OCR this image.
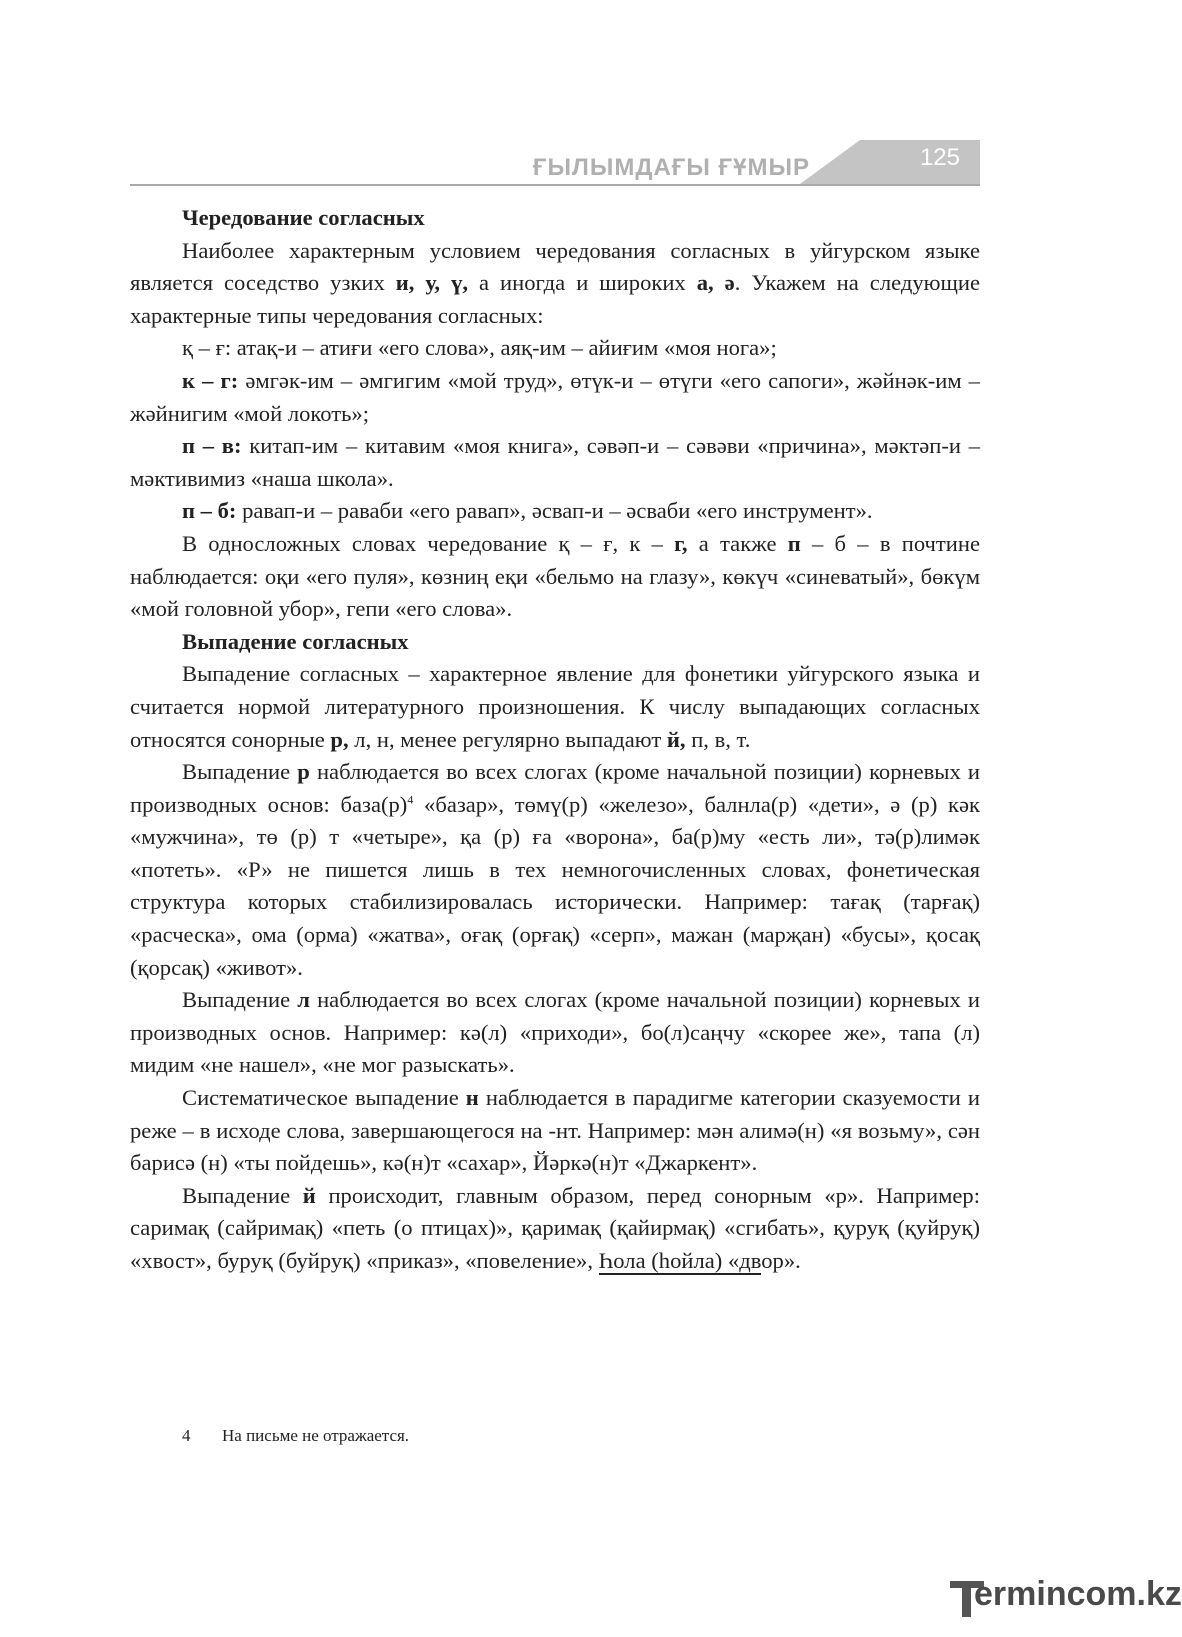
ҒЫЛЫМДАҒЫ ҒҰМЫР	125
Чередование согласных

Наиболее характерным условием чередования согласных в уйгурском языке является соседство узких и, у, ү, а иногда и широких а, ә. Укажем на следующие характерные типы чередования согласных:

қ – ғ: атақ-и – атиғи «его слова», аяқ-им – айиғим «моя нога»;

к – г: әмгәк-им – әмгигим «мой труд», өтүк-и – өтүги «его сапоги», жәйнәк-им – жәйнигим «мой локоть»;

п – в: китап-им – китавим «моя книга», сәвәп-и – сәвәви «причина», мәктәп-и – мәктивимиз «наша школа».

п – б: равап-и – раваби «его равап», әсвап-и – әсваби «его инструмент».

В односложных словах чередование қ – ғ, к – г, а также п – б – в почтине наблюдается: оқи «его пуля», көзниң еқи «бельмо на глазу», көкүч «синеватый», бөкүм «мой головной убор», гепи «его слова».

Выпадение согласных

Выпадение согласных – характерное явление для фонетики уйгурского языка и считается нормой литературного произношения. К числу выпадающих согласных относятся сонорные р, л, н, менее регулярно выпадают й, п, в, т.

Выпадение р наблюдается во всех слогах (кроме начальной позиции) корневых и производных основ: $база(р)^4$ «базар», төмү(р) «железо», балнла(р) «дети», ә (р) кәк «мужчина», тө (р) т «четыре», қа (р) ға «ворона», ба(р)му «есть ли», тә(р)лимәк «потеть». «Р» не пишется лишь в тех немногочисленных словах, фонетическая структура которых стабилизировалась исторически. Например: тағақ (тарғақ) «расческа», ома (орма) «жатва», оғақ (орғақ) «серп», мажан (марҗан) «бусы», қосақ (қорсақ) «живот».

Выпадение л наблюдается во всех слогах (кроме начальной позиции) корневых и производных основ. Например: кә(л) «приходи», бо(л)саңчу «скорее же», тапа (л) мидим «не нашел», «не мог разыскать».

Систематическое выпадение н наблюдается в парадигме категории сказуемости и реже – в исходе слова, завершающегося на -нт. Например: мән алимә(н) «я возьму», сән барисә (н) «ты пойдешь», кә(н)т «сахар», Йәркә(н)т «Джаркент».

Выпадение й происходит, главным образом, перед сонорным «р». Например: саримақ (сайримақ) «петь (о птицах)», қаримақ (қайирмақ) «сгибать», қуруқ (қуйруқ) «хвост», буруқ (буйруқ) «приказ», «повеление», Һола (һойла) «двор».

4 На письме не отражается.
ermincom.kz
